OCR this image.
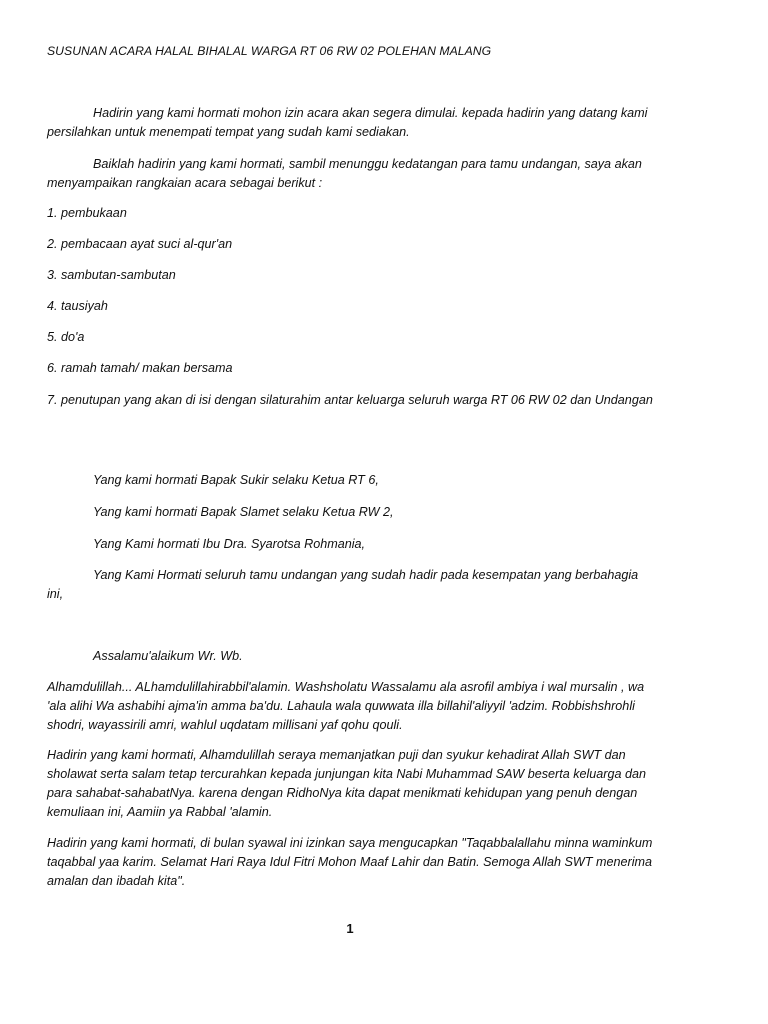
SUSUNAN ACARA HALAL BIHALAL WARGA RT 06 RW 02 POLEHAN MALANG

Hadirin yang kami hormati mohon izin acara akan segera dimulai. kepada hadirin yang datang kami persilahkan untuk menempati tempat yang sudah kami sediakan.

Baiklah hadirin yang kami hormati, sambil menunggu kedatangan para tamu undangan, saya akan menyampaikan rangkaian acara sebagai berikut :

1. pembukaan

2. pembacaan ayat suci al-qur'an

3. sambutan-sambutan

4. tausiyah

5. do'a

6. ramah tamah/ makan bersama

7. penutupan yang akan di isi dengan silaturahim antar keluarga seluruh warga RT 06 RW 02 dan Undangan

Yang kami hormati Bapak Sukir selaku Ketua RT 6,

Yang kami hormati Bapak Slamet selaku Ketua RW 2,

Yang Kami hormati Ibu Dra. Syarotsa Rohmania,

Yang Kami Hormati seluruh tamu undangan yang sudah hadir pada kesempatan yang berbahagia ini,

Assalamu'alaikum Wr. Wb.

Alhamdulillah... ALhamdulillahirabbil'alamin. Washsholatu Wassalamu ala asrofil ambiya i wal mursalin , wa 'ala alihi Wa ashabihi ajma'in amma ba'du. Lahaula wala quwwata illa billahil'aliyyil 'adzim. Robbishshrohli shodri, wayassirili amri, wahlul uqdatam millisani yaf qohu qouli.

Hadirin yang kami hormati, Alhamdulillah seraya memanjatkan puji dan syukur kehadirat Allah SWT dan sholawat serta salam tetap tercurahkan kepada junjungan kita Nabi Muhammad SAW beserta keluarga dan para sahabat-sahabatNya. karena dengan RidhoNya kita dapat menikmati kehidupan yang penuh dengan kemuliaan ini, Aamiin ya Rabbal 'alamin.

Hadirin yang kami hormati, di bulan syawal ini izinkan saya mengucapkan "Taqabbalallahu minna waminkum taqabbal yaa karim. Selamat Hari Raya Idul Fitri Mohon Maaf Lahir dan Batin. Semoga Allah SWT menerima amalan dan ibadah kita".

1
